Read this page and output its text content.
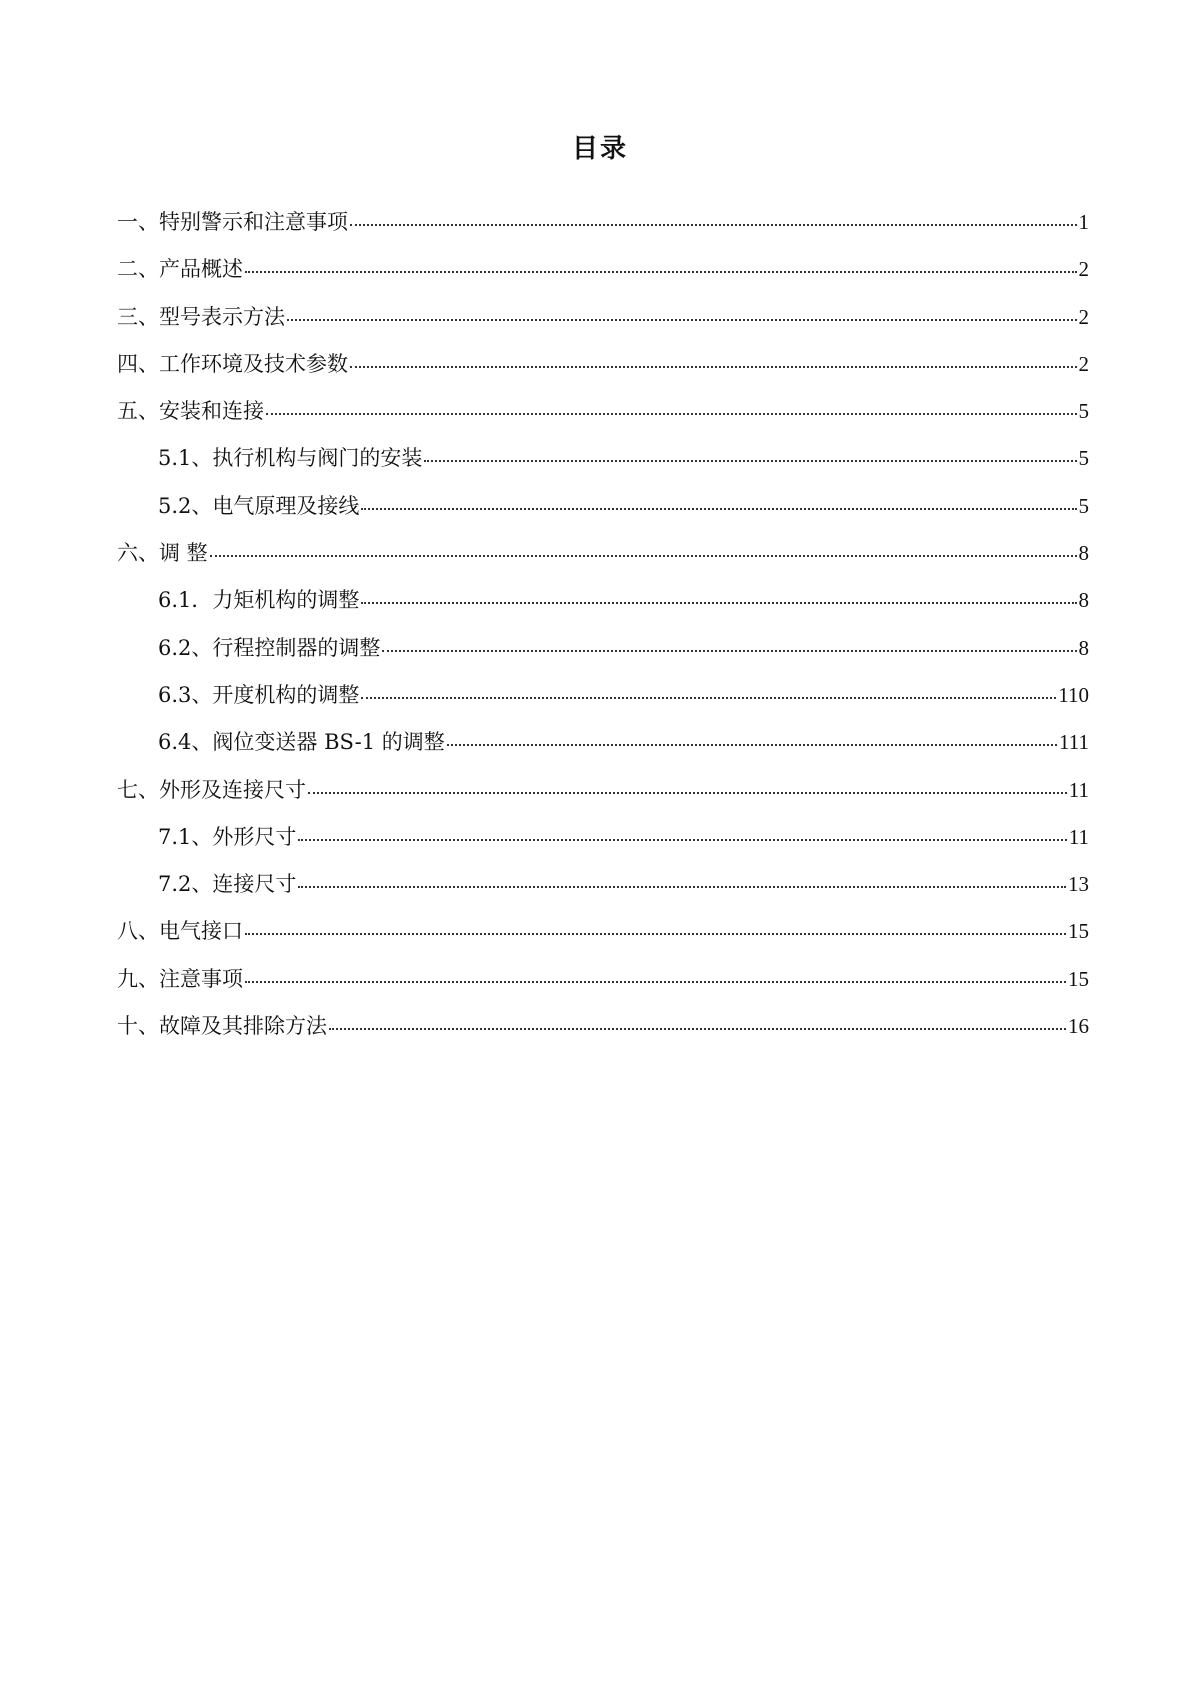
目录
一、特别警示和注意事项	1
二、产品概述	2
三、型号表示方法	2
四、工作环境及技术参数	2
五、安装和连接	5
5.1、执行机构与阀门的安装	5
5.2、电气原理及接线	5
六、调 整	8
6.1．力矩机构的调整	8
6.2、行程控制器的调整	8
6.3、开度机构的调整	110
6.4、阀位变送器 BS-1 的调整	111
七、外形及连接尺寸	11
7.1、外形尺寸	11
7.2、连接尺寸	13
八、电气接口	15
九、注意事项	15
十、故障及其排除方法	16
